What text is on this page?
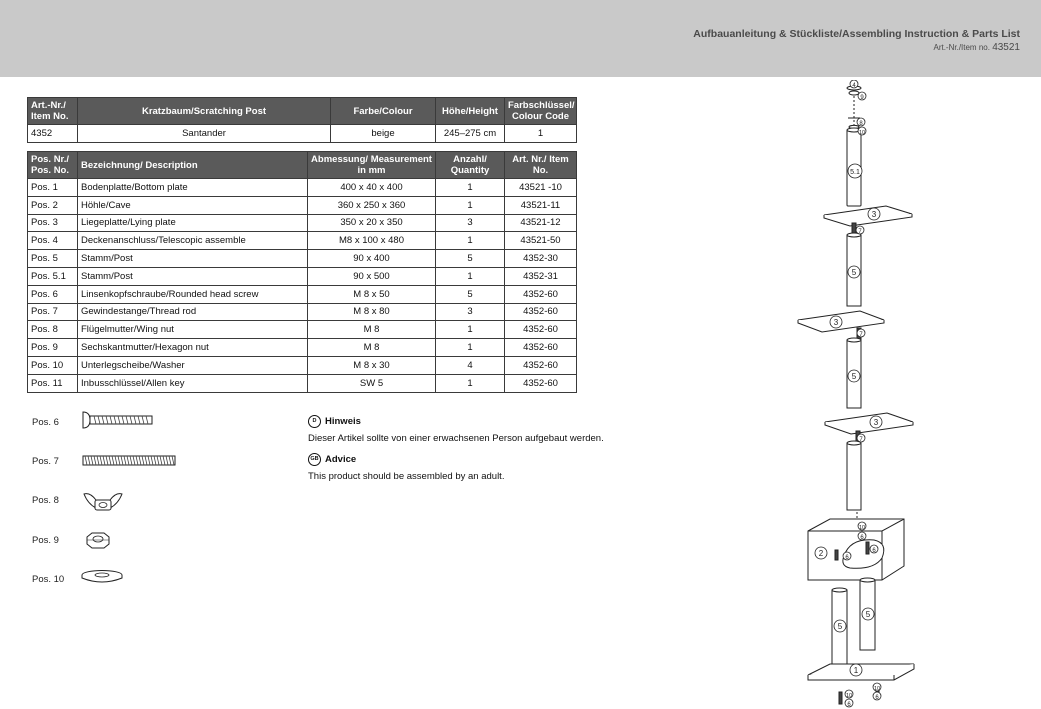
Aufbauanleitung & Stückliste/Assembling Instruction & Parts List
Art.-Nr./Item no. 43521
Art.-Nr./ Item No.	Kratzbaum/Scratching Post	Farbe/Colour	Höhe/Height	Farbschlüssel/ Colour Code
4352	Santander	beige	245–275 cm	1
Pos. Nr./ Pos. No.	Bezeichnung/ Description	Abmessung/ Measurement in mm	Anzahl/ Quantity	Art. Nr./ Item No.
Pos. 1	Bodenplatte/Bottom plate	400 x 40 x 400	1	43521 -10
Pos. 2	Höhle/Cave	360 x 250 x 360	1	43521-11
Pos. 3	Liegeplatte/Lying plate	350 x 20 x 350	3	43521-12
Pos. 4	Deckenanschluss/Telescopic assemble	M8 x 100 x 480	1	43521-50
Pos. 5	Stamm/Post	90 x 400	5	4352-30
Pos. 5.1	Stamm/Post	90 x 500	1	4352-31
Pos. 6	Linsenkopfschraube/Rounded head screw	M 8 x 50	5	4352-60
Pos. 7	Gewindestange/Thread rod	M 8 x 80	3	4352-60
Pos. 8	Flügelmutter/Wing nut	M 8	1	4352-60
Pos. 9	Sechskantmutter/Hexagon nut	M 8	1	4352-60
Pos. 10	Unterlegscheibe/Washer	M 8 x 30	4	4352-60
Pos. 11	Inbusschlüssel/Allen key	SW 5	1	4352-60
Pos. 6
Pos. 7
Pos. 8
Pos. 9
Pos. 10
D Hinweis
Dieser Artikel sollte von einer erwachsenen Person aufgebaut werden.
GB Advice
This product should be assembled by an adult.
4
9
8
10
5.1
3
7
5
3
7
5
3
7
10
6
2	6
6
5
5
1
10
6
10
6
